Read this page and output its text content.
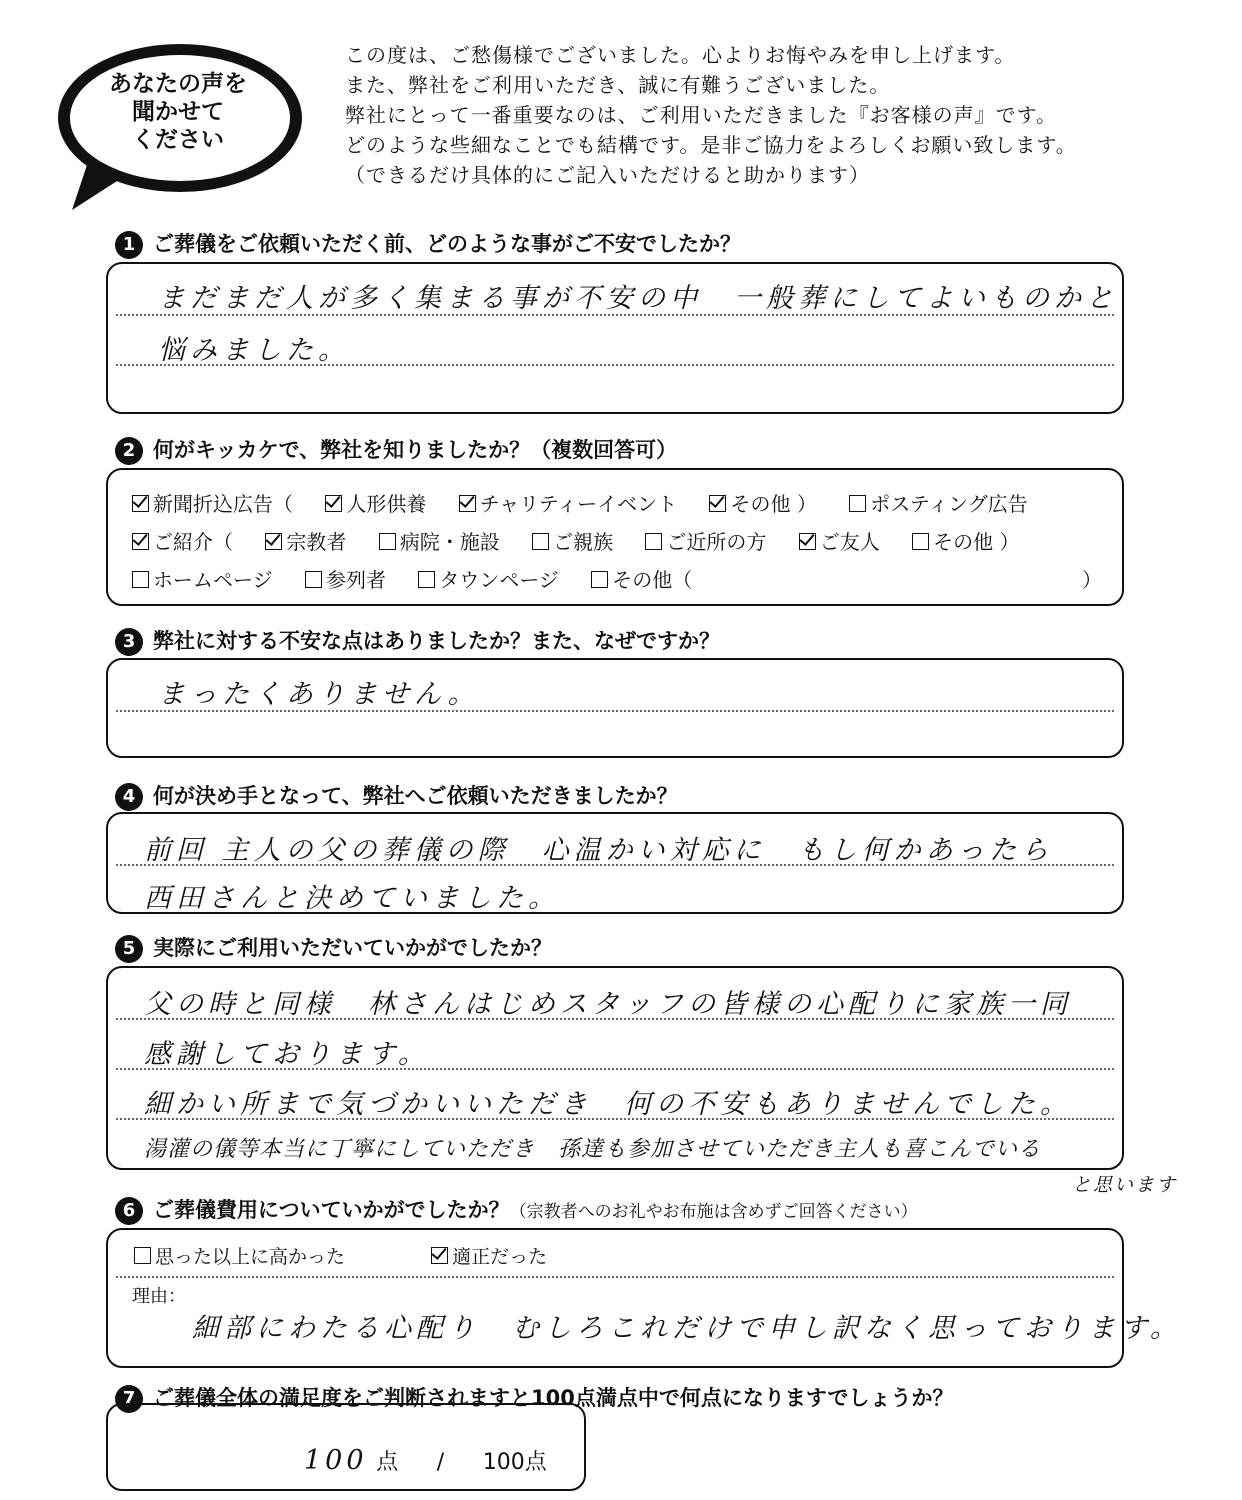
あなたの声を
聞かせて
ください
この度は、ご愁傷様でございました。心よりお悔やみを申し上げます。
また、弊社をご利用いただき、誠に有難うございました。
弊社にとって一番重要なのは、ご利用いただきました『お客様の声』です。
どのような些細なことでも結構です。是非ご協力をよろしくお願い致します。
（できるだけ具体的にご記入いただけると助かります）
1 ご葬儀をご依頼いただく前、どのような事がご不安でしたか？
まだまだ人が多く集まる事が不安の中　一般葬にしてよいものかと
悩みました。
2 何がキッカケで、弊社を知りましたか？（複数回答可）
新聞折込広告（	人形供養	チャリティーイベント	その他 ）	ポスティング広告
ご紹介（	宗教者	病院・施設	ご親族	ご近所の方	ご友人	その他 ）
ホームページ	参列者	タウンページ	その他（	）
3 弊社に対する不安な点はありましたか？また、なぜですか？
まったくありません。
4 何が決め手となって、弊社へご依頼いただきましたか？
前回 主人の父の葬儀の際　心温かい対応に　もし何かあったら
西田さんと決めていました。
5 実際にご利用いただいていかがでしたか？
父の時と同様　林さんはじめスタッフの皆様の心配りに家族一同
感謝しております。
細かい所まで気づかいいただき　何の不安もありませんでした。
湯灌の儀等本当に丁寧にしていただき　孫達も参加させていただき主人も喜こんでいる
と思います
6 ご葬儀費用についていかがでしたか？（宗教者へのお礼やお布施は含めずご回答ください）
思った以上に高かった	適正だった
理由：
細部にわたる心配り　むしろこれだけで申し訳なく思っております。
7 ご葬儀全体の満足度をご判断されますと100点満点中で何点になりますでしょうか？
100 点 / 100点
